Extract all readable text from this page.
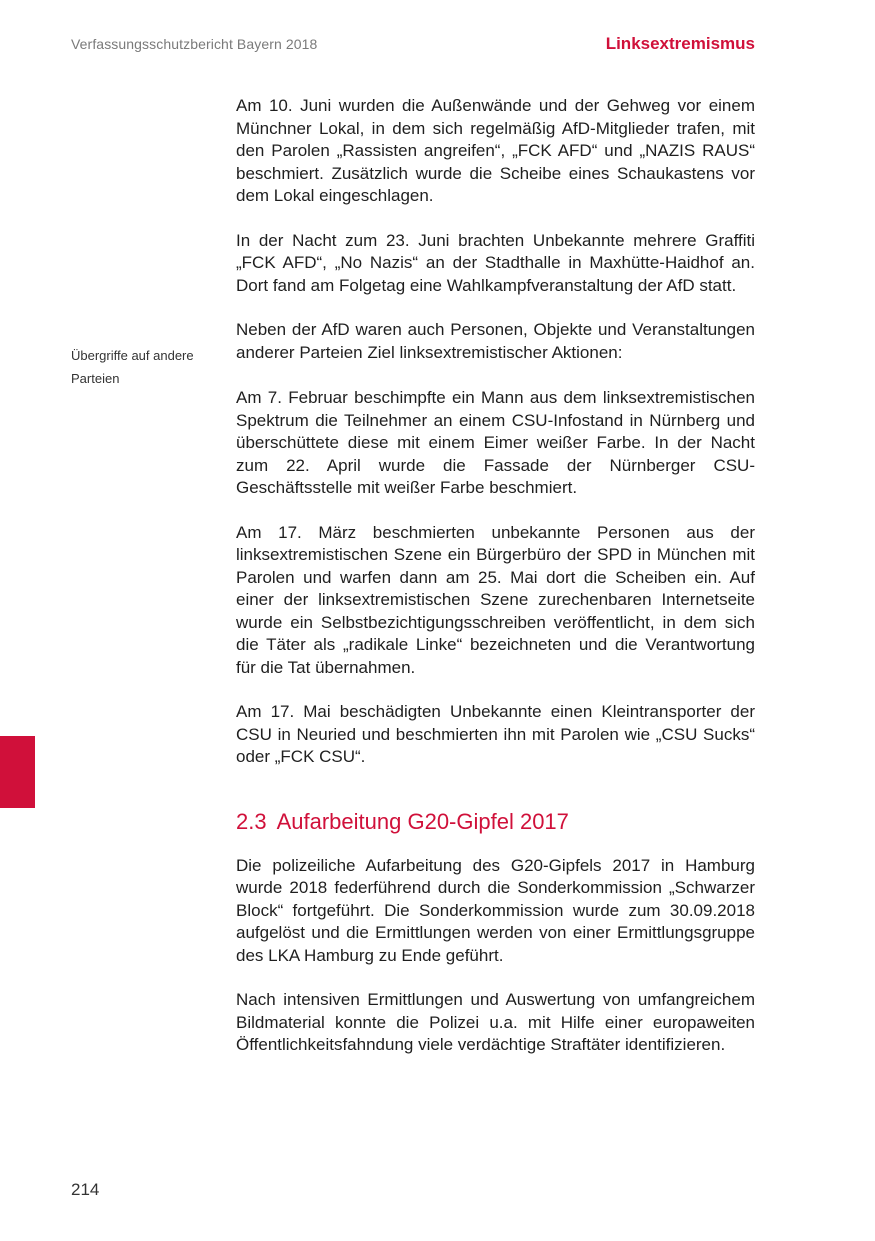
Verfassungsschutzbericht Bayern 2018	Linksextremismus
Übergriffe auf andere Parteien

Am 10. Juni wurden die Außenwände und der Gehweg vor einem Münchner Lokal, in dem sich regelmäßig AfD-Mitglieder trafen, mit den Parolen „Rassisten angreifen“, „FCK AFD“ und „NAZIS RAUS“ beschmiert. Zusätzlich wurde die Scheibe eines Schaukastens vor dem Lokal eingeschlagen.

In der Nacht zum 23. Juni brachten Unbekannte mehrere Graffiti „FCK AFD“, „No Nazis“ an der Stadthalle in Maxhütte-Haidhof an. Dort fand am Folgetag eine Wahlkampfveranstaltung der AfD statt.

Neben der AfD waren auch Personen, Objekte und Veranstaltungen anderer Parteien Ziel linksextremistischer Aktionen:

Am 7. Februar beschimpfte ein Mann aus dem linksextremistischen Spektrum die Teilnehmer an einem CSU-Infostand in Nürnberg und überschüttete diese mit einem Eimer weißer Farbe. In der Nacht zum 22. April wurde die Fassade der Nürnberger CSU-Geschäftsstelle mit weißer Farbe beschmiert.

Am 17. März beschmierten unbekannte Personen aus der linksextremistischen Szene ein Bürgerbüro der SPD in München mit Parolen und warfen dann am 25. Mai dort die Scheiben ein. Auf einer der linksextremistischen Szene zurechenbaren Internetseite wurde ein Selbstbezichtigungsschreiben veröffentlicht, in dem sich die Täter als „radikale Linke“ bezeichneten und die Verantwortung für die Tat übernahmen.

Am 17. Mai beschädigten Unbekannte einen Kleintransporter der CSU in Neuried und beschmierten ihn mit Parolen wie „CSU Sucks“ oder „FCK CSU“.

2.3 Aufarbeitung G20-Gipfel 2017

Die polizeiliche Aufarbeitung des G20-Gipfels 2017 in Hamburg wurde 2018 federführend durch die Sonderkommission „Schwarzer Block“ fortgeführt. Die Sonderkommission wurde zum 30.09.2018 aufgelöst und die Ermittlungen werden von einer Ermittlungsgruppe des LKA Hamburg zu Ende geführt.

Nach intensiven Ermittlungen und Auswertung von umfangreichem Bildmaterial konnte die Polizei u.a. mit Hilfe einer europaweiten Öffentlichkeitsfahndung viele verdächtige Straftäter identifizieren.

214
